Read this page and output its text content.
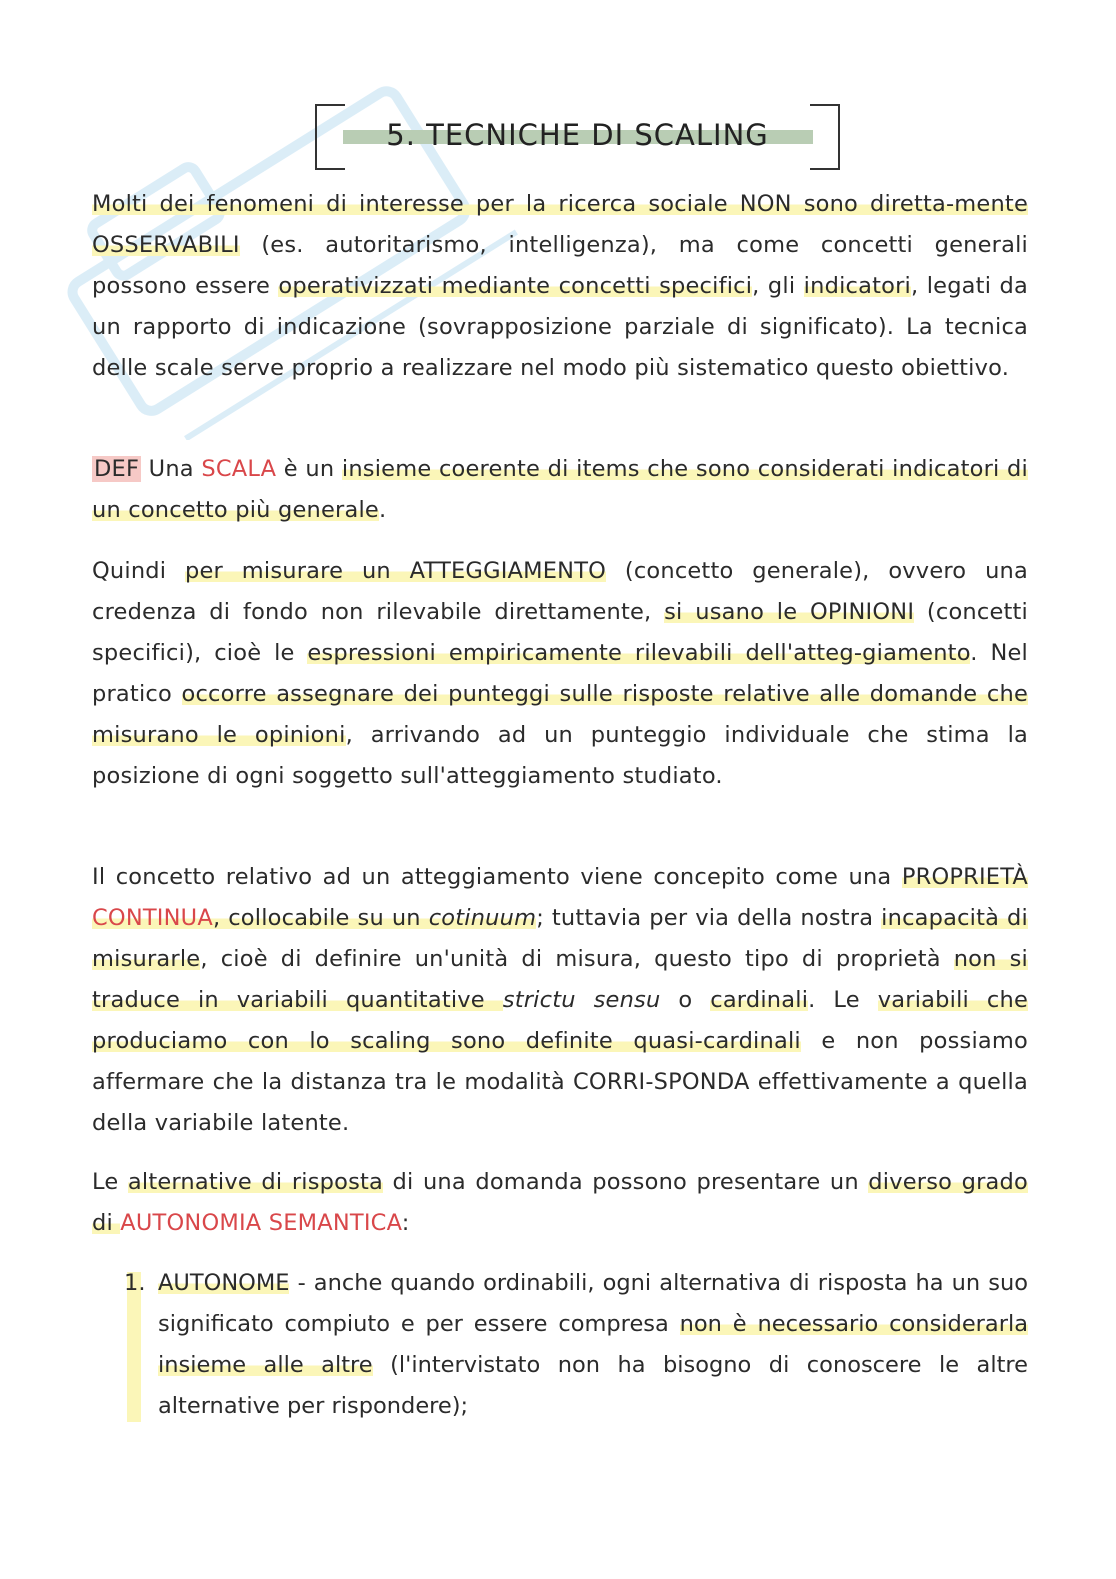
5. TECNICHE DI SCALING

Molti dei fenomeni di interesse per la ricerca sociale NON sono diretta-mente OSSERVABILI (es. autoritarismo, intelligenza), ma come concetti generali possono essere operativizzati mediante concetti specifici, gli indicatori, legati da un rapporto di indicazione (sovrapposizione parziale di significato). La tecnica delle scale serve proprio a realizzare nel modo più sistematico questo obiettivo.

DEF Una SCALA è un insieme coerente di items che sono considerati indicatori di un concetto più generale.

Quindi per misurare un ATTEGGIAMENTO (concetto generale), ovvero una credenza di fondo non rilevabile direttamente, si usano le OPINIONI (concetti specifici), cioè le espressioni empiricamente rilevabili dell'atteg-giamento. Nel pratico occorre assegnare dei punteggi sulle risposte relative alle domande che misurano le opinioni, arrivando ad un punteggio individuale che stima la posizione di ogni soggetto sull'atteggiamento studiato.

Il concetto relativo ad un atteggiamento viene concepito come una PROPRIETÀ CONTINUA, collocabile su un cotinuum; tuttavia per via della nostra incapacità di misurarle, cioè di definire un'unità di misura, questo tipo di proprietà non si traduce in variabili quantitative strictu sensu o cardinali. Le variabili che produciamo con lo scaling sono definite quasi-cardinali e non possiamo affermare che la distanza tra le modalità CORRI-SPONDA effettivamente a quella della variabile latente.

Le alternative di risposta di una domanda possono presentare un diverso grado di AUTONOMIA SEMANTICA:

1. AUTONOME - anche quando ordinabili, ogni alternativa di risposta ha un suo significato compiuto e per essere compresa non è necessario considerarla insieme alle altre (l'intervistato non ha bisogno di conoscere le altre alternative per rispondere);
